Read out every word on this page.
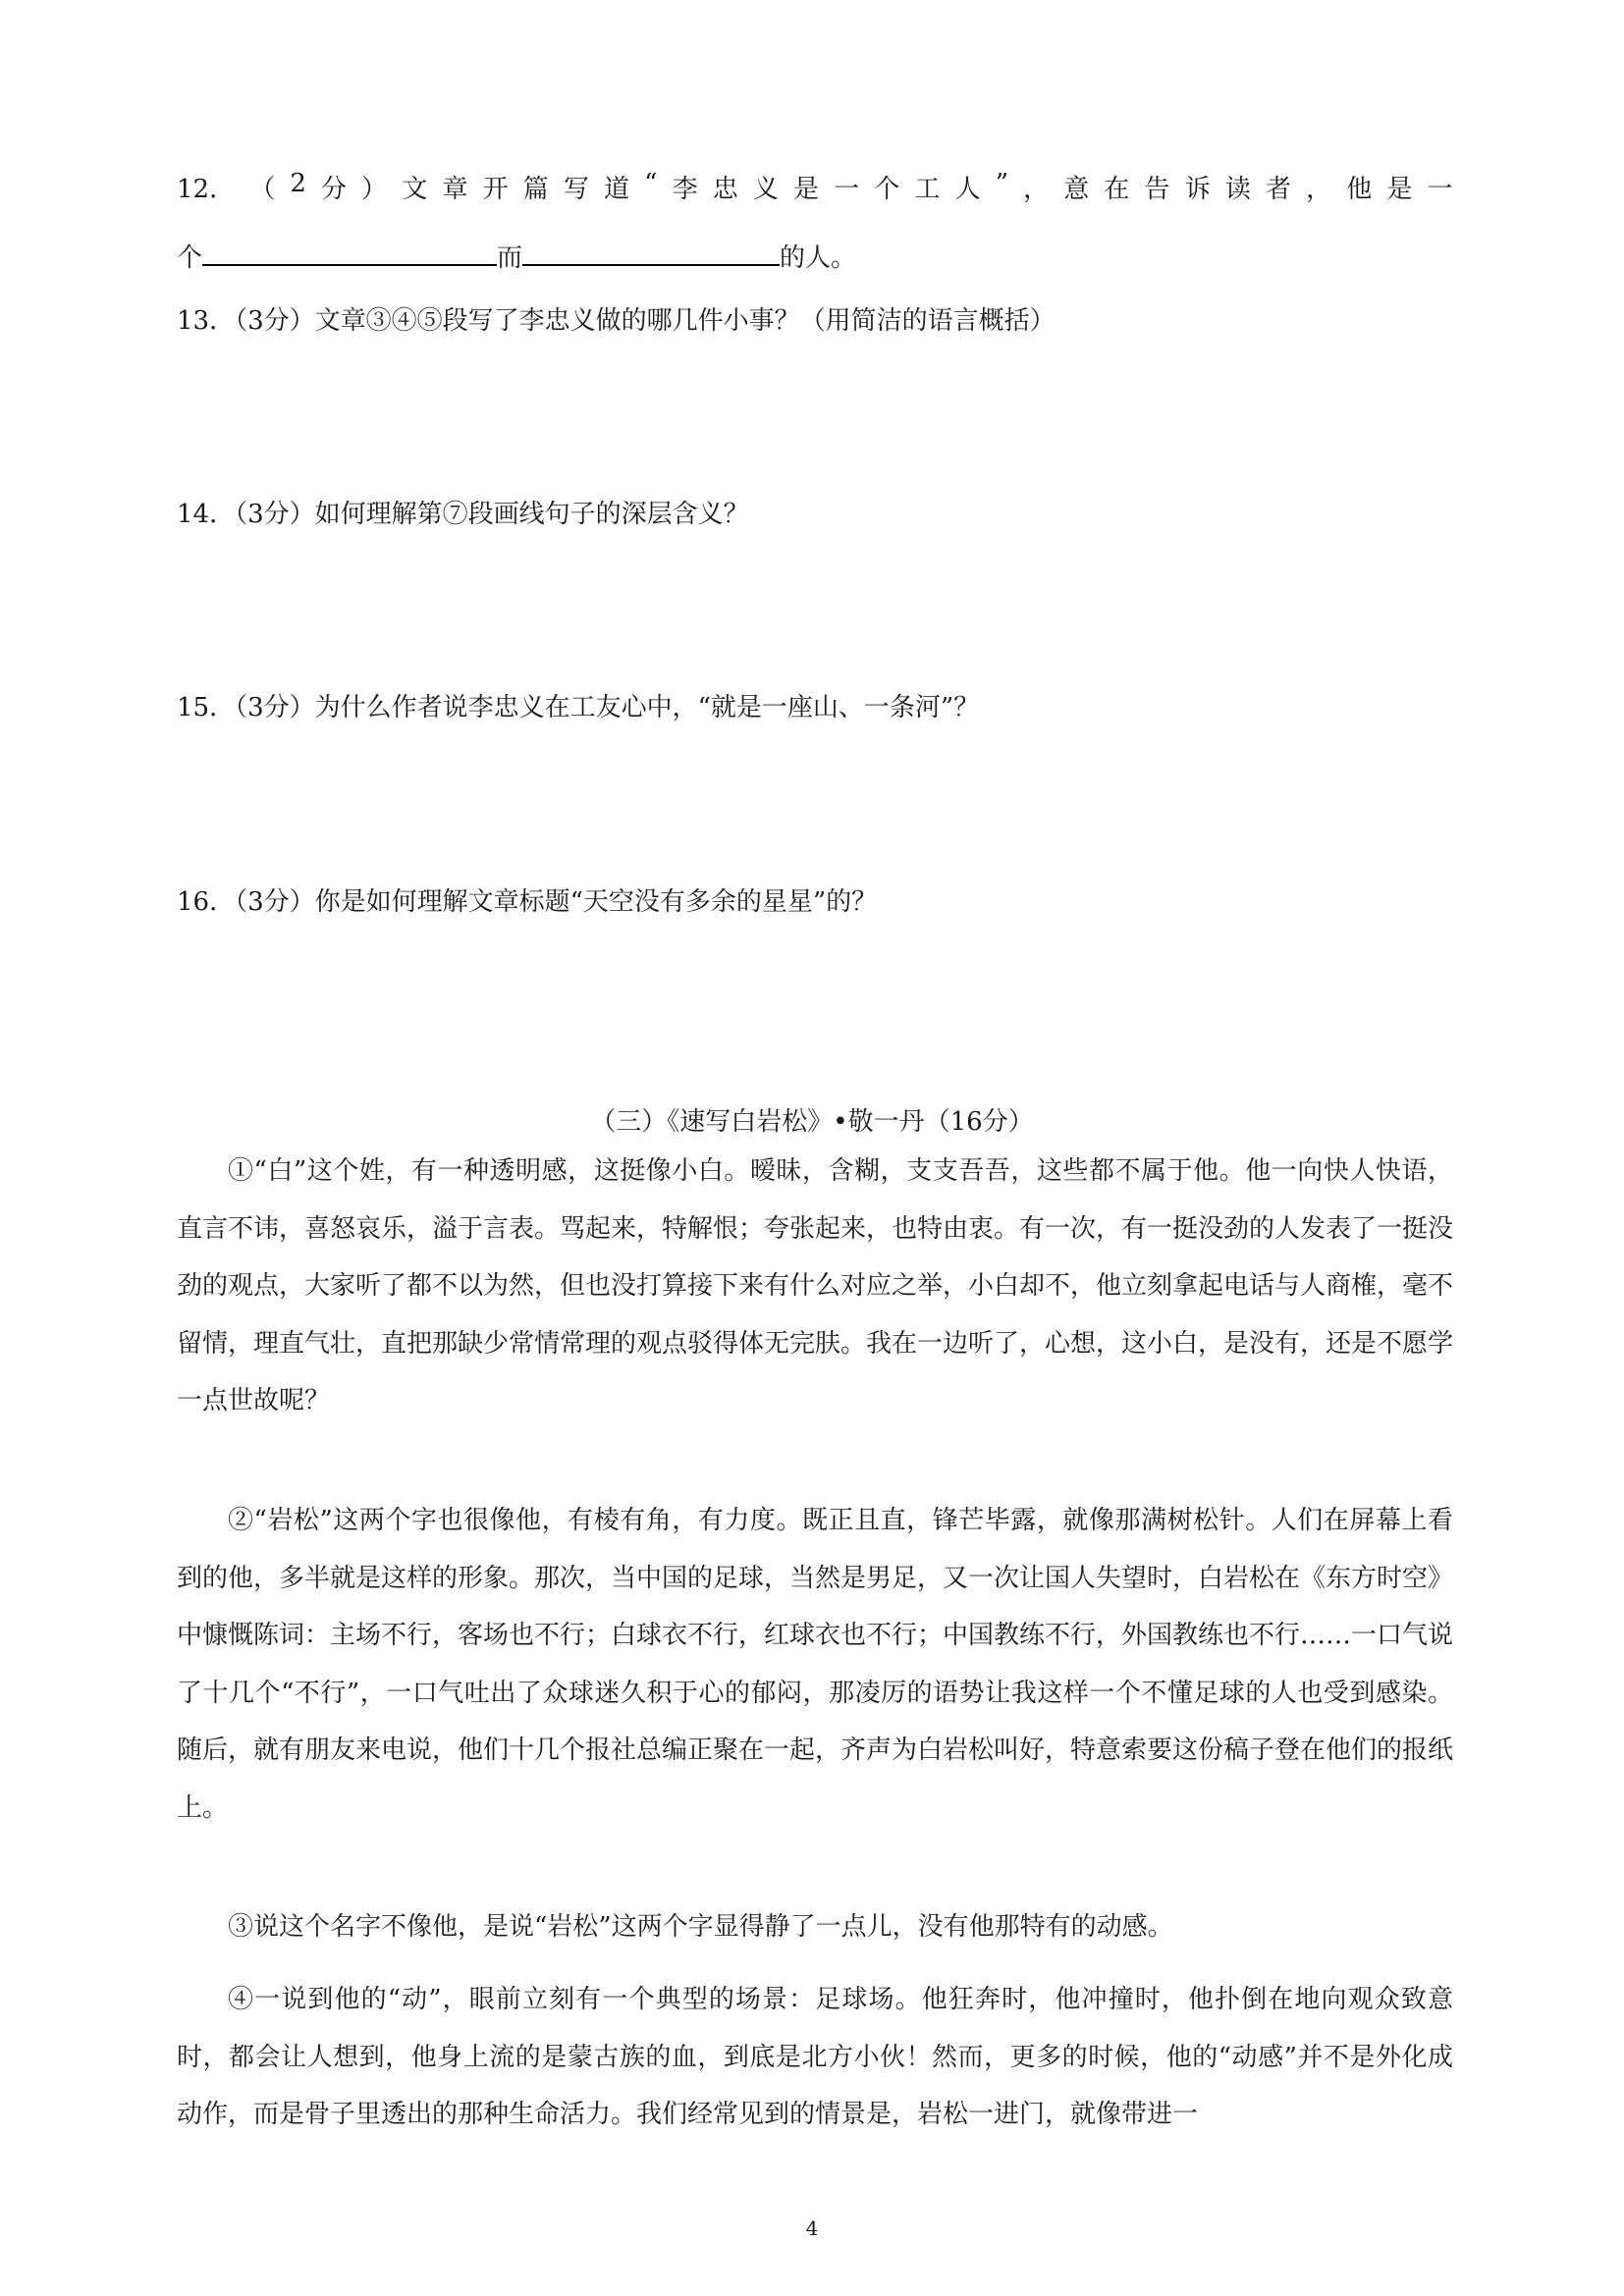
12． （ 2 分 ） 文 章 开 篇 写 道 “ 李 忠 义 是 一 个 工 人 ” ， 意 在 告 诉 读 者 ， 他 是 一
个	而	的人。
13．（3分）文章③④⑤段写了李忠义做的哪几件小事？（用简洁的语言概括）
14．（3分）如何理解第⑦段画线句子的深层含义？
15．（3分）为什么作者说李忠义在工友心中，“就是一座山、一条河”？
16．（3分）你是如何理解文章标题“天空没有多余的星星”的？
（三）《速写白岩松》•敬一丹（16分）

①“白”这个姓，有一种透明感，这挺像小白。暧昧，含糊，支支吾吾，这些都不属于他。他一向快人快语，直言不讳，喜怒哀乐，溢于言表。骂起来，特解恨；夸张起来，也特由衷。有一次，有一挺没劲的人发表了一挺没劲的观点，大家听了都不以为然，但也没打算接下来有什么对应之举，小白却不，他立刻拿起电话与人商榷，毫不留情，理直气壮，直把那缺少常情常理的观点驳得体无完肤。我在一边听了，心想，这小白，是没有，还是不愿学一点世故呢？

②“岩松”这两个字也很像他，有棱有角，有力度。既正且直，锋芒毕露，就像那满树松针。人们在屏幕上看到的他，多半就是这样的形象。那次，当中国的足球，当然是男足，又一次让国人失望时，白岩松在《东方时空》中慷慨陈词：主场不行，客场也不行；白球衣不行，红球衣也不行；中国教练不行，外国教练也不行……一口气说了十几个“不行”，一口气吐出了众球迷久积于心的郁闷，那凌厉的语势让我这样一个不懂足球的人也受到感染。随后，就有朋友来电说，他们十几个报社总编正聚在一起，齐声为白岩松叫好，特意索要这份稿子登在他们的报纸上。

③说这个名字不像他，是说“岩松”这两个字显得静了一点儿，没有他那特有的动感。

④一说到他的“动”，眼前立刻有一个典型的场景：足球场。他狂奔时，他冲撞时，他扑倒在地向观众致意时，都会让人想到，他身上流的是蒙古族的血，到底是北方小伙！然而，更多的时候，他的“动感”并不是外化成动作，而是骨子里透出的那种生命活力。我们经常见到的情景是，岩松一进门，就像带进一

4
